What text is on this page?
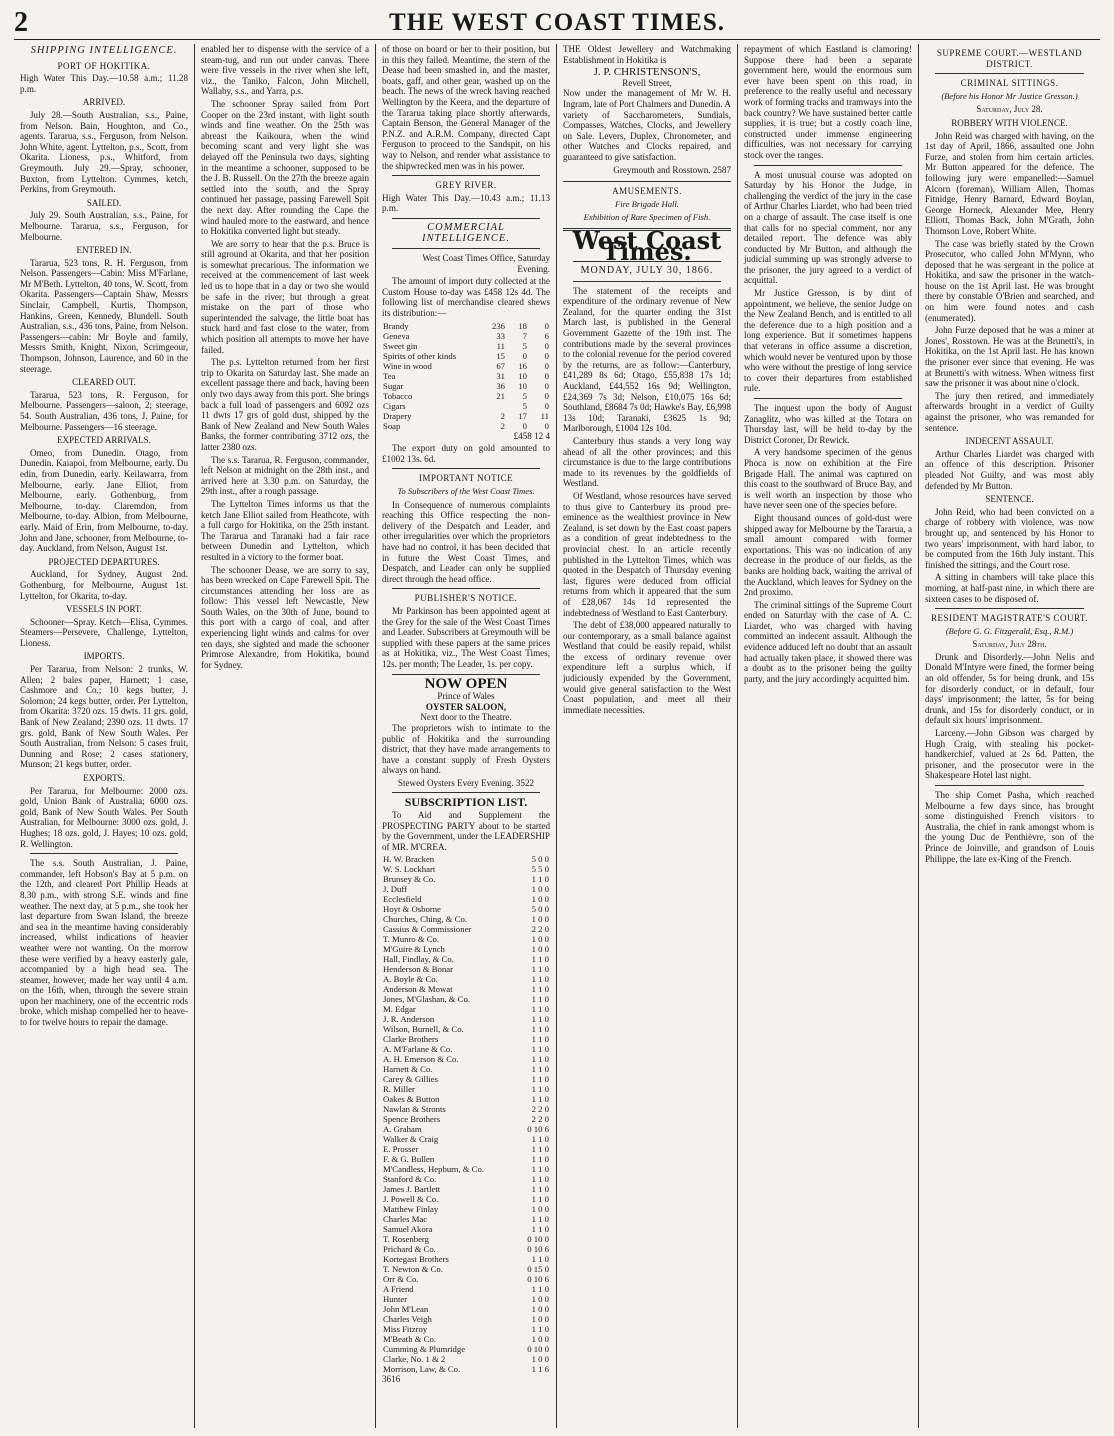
2	THE WEST COAST TIMES.
SHIPPING INTELLIGENCE.
PORT OF HOKITIKA.

High Water This Day.—10.58 a.m.; 11.28 p.m.

ARRIVED.

July 28.—South Australian, s.s., Paine, from Nelson. Bain, Houghton, and Co., agents. Tararua, s.s., Ferguson, from Nelson. John White, agent. Lyttelton, p.s., Scott, from Okarita. Lioness, p.s., Whitford, from Greymouth. July 29.—Spray, schooner, Buxton, from Lyttelton. Cymmes, ketch, Perkins, from Greymouth.

SAILED.

July 29. South Australian, s.s., Paine, for Melbourne. Tararua, s.s., Ferguson, for Melbourne.

ENTERED IN.

Tararua, 523 tons, R. H. Ferguson, from Nelson. Passengers—Cabin: Miss M'Farlane, Mr M'Beth. Lyttelton, 40 tons, W. Scott, from Okarita. Passengers—Captain Shaw, Messrs Sinclair, Campbell, Kurtis, Thompson, Hankins, Green, Kennedy, Blundell. South Australian, s.s., 436 tons, Paine, from Nelson. Passengers—cabin: Mr Boyle and family, Messrs Smith, Knight, Nixon, Scrimgeour, Thompson, Johnson, Laurence, and 60 in the steerage.

CLEARED OUT.

Tararua, 523 tons, R. Ferguson, for Melbourne. Passengers—saloon, 2; steerage, 54. South Australian, 436 tons, J. Paine, for Melbourne. Passengers—16 steerage.

EXPECTED ARRIVALS.

Omeo, from Dunedin. Otago, from Dunedin. Kaiapoi, from Melbourne, early. Du edin, from Dunedin, early. Keilawarra, from Melbourne, early. Jane Elliot, from Melbourne, early. Gothenburg, from Melbourne, to-day. Claremdon, from Melbourne, to-day. Albion, from Melbourne, early. Maid of Erin, from Melbourne, to-day. John and Jane, schooner, from Melbourne, to-day. Auckland, from Nelson, August 1st.

PROJECTED DEPARTURES.

Auckland, for Sydney, August 2nd. Gothenburg, for Melbourne, August 1st. Lyttelton, for Okarita, to-day.

VESSELS IN PORT.

Schooner—Spray. Ketch—Elisa, Cymmes. Steamers—Persevere, Challenge, Lyttelton, Lioness.

IMPORTS.

Per Tararua, from Nelson: 2 trunks, W. Allen; 2 bales paper, Harnett; 1 case, Cashmore and Co.; 10 kegs butter, J. Solomon; 24 kegs butter, order. Per Lyttelton, from Okarita: 3720 ozs. 15 dwts. 11 grs. gold, Bank of New Zealand; 2390 ozs. 11 dwts. 17 grs. gold, Bank of New South Wales. Per South Australian, from Nelson: 5 cases fruit, Dunning and Rose; 2 cases stationery, Munson; 21 kegs butter, order.

EXPORTS.

Per Tararua, for Melbourne: 2000 ozs. gold, Union Bank of Australia; 6000 ozs. gold, Bank of New South Wales. Per South Australian, for Melbourne: 3000 ozs. gold, J. Hughes; 18 ozs. gold, J. Hayes; 10 ozs. gold, R. Wellington.

The s.s. South Australian, J. Paine, commander, left Hobson's Bay at 5 p.m. on the 12th, and cleared Port Phillip Heads at 8.30 p.m., with strong S.E. winds and fine weather. The next day, at 5 p.m., she took her last departure from Swan Island, the breeze and sea in the meantime having considerably increased, whilst indications of heavier weather were not wanting. On the morrow these were verified by a heavy easterly gale, accompanied by a high head sea. The steamer, however, made her way until 4 a.m. on the 16th, when, through the severe strain upon her machinery, one of the eccentric rods broke, which mishap compelled her to heave-to for twelve hours to repair the damage.

enabled her to dispense with the service of a steam-tug, and run out under canvas. There were five vessels in the river when she left, viz., the Taniko, Falcon, John Mitchell, Wallaby, s.s., and Yarra, p.s.

The schooner Spray sailed from Port Cooper on the 23rd instant, with light south winds and fine weather. On the 25th was abreast the Kaikoura, when the wind becoming scant and very light she was delayed off the Peninsula two days, sighting in the meantime a schooner, supposed to be the J. B. Russell. On the 27th the breeze again settled into the south, and the Spray continued her passage, passing Farewell Spit the next day. After rounding the Cape the wind hauled more to the eastward, and hence to Hokitika converted light but steady.

We are sorry to hear that the p.s. Bruce is still aground at Okarita, and that her position is somewhat precarious. The information we received at the commencement of last week led us to hope that in a day or two she would be safe in the river; but through a great mistake on the part of those who superintended the salvage, the little boat has stuck hard and fast close to the water, from which position all attempts to move her have failed.

The p.s. Lyttelton returned from her first trip to Okarita on Saturday last. She made an excellent passage there and back, having been only two days away from this port. She brings back a full load of passengers and 6092 ozs 11 dwts 17 grs of gold dust, shipped by the Bank of New Zealand and New South Wales Banks, the former contributing 3712 ozs, the latter 2380 ozs.

The s.s. Tararua, R. Ferguson, commander, left Nelson at midnight on the 28th inst., and arrived here at 3.30 p.m. on Saturday, the 29th inst., after a rough passage.

The Lyttelton Times informs us that the ketch Jane Elliot sailed from Heathcote, with a full cargo for Hokitika, on the 25th instant. The Tararua and Taranaki had a fair race between Dunedin and Lyttelton, which resulted in a victory to the former boat.

The schooner Dease, we are sorry to say, has been wrecked on Cape Farewell Spit. The circumstances attending her loss are as follow: This vessel left Newcastle, New South Wales, on the 30th of June, bound to this port with a cargo of coal, and after experiencing light winds and calms for over ten days, she sighted and made the schooner Primrose Alexandre, from Hokitika, bound for Sydney.

of those on board or her to their position, but in this they failed. Meantime, the stern of the Dease had been smashed in, and the master, boats, gaff, and other gear, washed up on the beach. The news of the wreck having reached Wellington by the Keera, and the departure of the Tararua taking place shortly afterwards, Captain Benson, the General Manager of the P.N.Z. and A.R.M. Company, directed Capt Ferguson to proceed to the Sandspit, on his way to Nelson, and render what assistance to the shipwrecked men was in his power.

GREY RIVER.

High Water This Day.—10.43 a.m.; 11.13 p.m.

COMMERCIAL INTELLIGENCE.

West Coast Times Office, Saturday Evening.

The amount of import duty collected at the Custom House to-day was £458 12s 4d. The following list of merchandise cleared shews its distribution:—

Brandy	236	18	0
Geneva	33	7	6
Sweet gin	11	5	0
Spirits of other kinds	15	0	0
Wine in wood	67	16	0
Tea	31	10	0
Sugar	36	10	0
Tobacco	21	5	0
Cigars		5	0
Drapery	2	17	11
Soap	2	0	0

£458 12 4

The export duty on gold amounted to £1002 13s. 6d.

IMPORTANT NOTICE
To Subscribers of the West Coast Times.

In Consequence of numerous complaints reaching this Office respecting the non-delivery of the Despatch and Leader, and other irregularities over which the proprietors have had no control, it has been decided that in future the West Coast Times, and Despatch, and Leader can only be supplied direct through the head office.

PUBLISHER'S NOTICE.

Mr Parkinson has been appointed agent at the Grey for the sale of the West Coast Times and Leader. Subscribers at Greymouth will be supplied with these papers at the same prices as at Hokitika, viz., The West Coast Times, 12s. per month; The Leader, 1s. per copy.

NOW OPEN
Prince of Wales
OYSTER SALOON,
Next door to the Theatre.

The proprietors wish to intimate to the public of Hokitika and the surrounding district, that they have made arrangements to have a constant supply of Fresh Oysters always on hand.

Stewed Oysters Every Evening. 3522

SUBSCRIPTION LIST.

To Aid and Supplement the PROSPECTING PARTY about to be started by the Government, under the LEADERSHIP of MR. M'CREA.

H. W. Bracken	5 0 0
W. S. Lockhart	5 5 0
Brunsey & Co.	1 1 0
J. Duff	1 0 0
Ecclesfield	1 0 0
Hoyt & Osborne	5 0 0
Churches, Ching, & Co.	1 0 0
Cassius & Commissioner	2 2 0
T. Munro & Co.	1 0 0
M'Guire & Lynch	1 0 0
Hall, Findlay, & Co.	1 1 0
Henderson & Bonar	1 1 0
A. Boyle & Co.	1 1 0
Anderson & Mowat	1 1 0
Jones, M'Glashan, & Co.	1 1 0
M. Edgar	1 1 0
J. R. Anderson	1 1 0
Wilson, Burnell, & Co.	1 1 0
Clarke Brothers	1 1 0
A. M'Farlane & Co.	1 1 0
A. H. Emerson & Co.	1 1 0
Harnett & Co.	1 1 0
Carey & Gillies	1 1 0
R. Miller	1 1 0
Oakes & Button	1 1 0
Nawlan & Stronts	2 2 0
Spence Brothers	2 2 0
A. Graham	0 10 6
Walker & Craig	1 1 0
E. Prosser	1 1 0
F. & G. Bullen	1 1 0
M'Candless, Hepburn, & Co.	1 1 0
Stanford & Co.	1 1 0
James J. Bartlett	1 1 0
J. Powell & Co.	1 1 0
Matthew Finlay	1 0 0
Charles Mac	1 1 0
Samuel Akora	1 1 0
T. Rosenberg	0 10 0
Prichard & Co.	0 10 6
Kortegast Brothers	1 1 0
T. Newton & Co.	0 15 0
Orr & Co.	0 10 6
A Friend	1 1 0
Hunter	1 0 0
John M'Lean	1 0 0
Charles Veigh	1 0 0
Miss Fitzroy	1 1 0
M'Beath & Co.	1 0 0
Cumming & Plumridge	0 10 0
Clarke, No. 1 & 2	1 0 0
Morrison, Law, & Co.	1 1 6

3616

THE Oldest Jewellery and Watchmaking Establishment in Hokitika is

J. P. CHRISTENSON'S,
Revell Street,

Now under the management of Mr W. H. Ingram, late of Port Chalmers and Dunedin. A variety of Saccharometers, Sundials, Compasses, Watches, Clocks, and Jewellery on Sale. Levers, Duplex, Chronometer, and other Watches and Clocks repaired, and guaranteed to give satisfaction.

Greymouth and Rosstown. 2587

AMUSEMENTS.
Fire Brigade Hall.
Exhibition of Rare Specimen of Fish.
West Coast Times.
MONDAY, JULY 30, 1866.

The statement of the receipts and expenditure of the ordinary revenue of New Zealand, for the quarter ending the 31st March last, is published in the General Government Gazette of the 19th inst. The contributions made by the several provinces to the colonial revenue for the period covered by the returns, are as follow:—Canterbury, £41,289 8s 6d; Otago, £55,838 17s 1d; Auckland, £44,552 16s 9d; Wellington, £24,369 7s 3d; Nelson, £10,075 16s 6d; Southland, £8684 7s 0d; Hawke's Bay, £6,998 13s 10d; Taranaki, £3625 1s 9d; Marlborough, £1004 12s 10d.

Canterbury thus stands a very long way ahead of all the other provinces; and this circumstance is due to the large contributions made to its revenues by the goldfields of Westland.

Of Westland, whose resources have served to thus give to Canterbury its proud pre-eminence as the wealthiest province in New Zealand, is set down by the East coast papers as a condition of great indebtedness to the provincial chest. In an article recently published in the Lyttelton Times, which was quoted in the Despatch of Thursday evening last, figures were deduced from official returns from which it appeared that the sum of £28,067 14s 1d represented the indebtedness of Westland to East Canterbury.

The debt of £38,000 appeared naturally to our contemporary, as a small balance against Westland that could be easily repaid, whilst the excess of ordinary revenue over expenditure left a surplus which, if judiciously expended by the Government, would give general satisfaction to the West Coast population, and meet all their immediate necessities.

repayment of which Eastland is clamoring! Suppose there had been a separate government here, would the enormous sum ever have been spent on this road, in preference to the really useful and necessary work of forming tracks and tramways into the back country? We have sustained better cattle supplies, it is true; but a costly coach line, constructed under immense engineering difficulties, was not necessary for carrying stock over the ranges.

A most unusual course was adopted on Saturday by his Honor the Judge, in challenging the verdict of the jury in the case of Arthur Charles Liardet, who had been tried on a charge of assault. The case itself is one that calls for no special comment, nor any detailed report. The defence was ably conducted by Mr Button, and although the judicial summing up was strongly adverse to the prisoner, the jury agreed to a verdict of acquittal.

Mr Justice Gresson, is by dint of appointment, we believe, the senior Judge on the New Zealand Bench, and is entitled to all the deference due to a high position and a long experience. But it sometimes happens that veterans in office assume a discretion, which would never be ventured upon by those who were without the prestige of long service to cover their departures from established rule.

The inquest upon the body of August Zanaglitz, who was killed at the Totara on Thursday last, will be held to-day by the District Coroner, Dr Rewick.

A very handsome specimen of the genus Phoca is now on exhibition at the Fire Brigade Hall. The animal was captured on this coast to the southward of Bruce Bay, and is well worth an inspection by those who have never seen one of the species before.

Eight thousand ounces of gold-dust were shipped away for Melbourne by the Tararua, a small amount compared with former exportations. This was no indication of any decrease in the produce of our fields, as the banks are holding back, waiting the arrival of the Auckland, which leaves for Sydney on the 2nd proximo.

The criminal sittings of the Supreme Court ended on Saturday with the case of A. C. Liardet, who was charged with having committed an indecent assault. Although the evidence adduced left no doubt that an assault had actually taken place, it showed there was a doubt as to the prisoner being the guilty party, and the jury accordingly acquitted him.

SUPREME COURT.—WESTLAND DISTRICT.
CRIMINAL SITTINGS.
(Before his Honor Mr Justice Gresson.)
Saturday, July 28.
ROBBERY WITH VIOLENCE.

John Reid was charged with having, on the 1st day of April, 1866, assaulted one John Furze, and stolen from him certain articles. Mr Button appeared for the defence. The following jury were empanelled:—Samuel Alcorn (foreman), William Allen, Thomas Fitnidge, Henry Barnard, Edward Boylan, George Horneck, Alexander Mee, Henry Elliott, Thomas Back, John M'Grath, John Thomson Love, Robert White.

The case was briefly stated by the Crown Prosecutor, who called John M'Mynn, who deposed that he was sergeant in the police at Hokitika, and saw the prisoner in the watch-house on the 1st April last. He was brought there by constable O'Brien and searched, and on him were found notes and cash (enumerated).

John Furze deposed that he was a miner at Jones', Rosstown. He was at the Brunetti's, in Hokitika, on the 1st April last. He has known the prisoner ever since that evening. He was at Brunetti's with witness. When witness first saw the prisoner it was about nine o'clock.

The jury then retired, and immediately afterwards brought in a verdict of Guilty against the prisoner, who was remanded for sentence.

INDECENT ASSAULT.

Arthur Charles Liardet was charged with an offence of this description. Prisoner pleaded Not Guilty, and was most ably defended by Mr Button.

SENTENCE.

John Reid, who had been convicted on a charge of robbery with violence, was now brought up, and sentenced by his Honor to two years' imprisonment, with hard labor, to be computed from the 16th July instant. This finished the sittings, and the Court rose.

A sitting in chambers will take place this morning, at half-past nine, in which there are sixteen cases to be disposed of.

RESIDENT MAGISTRATE'S COURT.
(Before G. G. Fitzgerald, Esq., R.M.)
Saturday, July 28th.

Drunk and Disorderly.—John Nelis and Donald M'Intyre were fined, the former being an old offender, 5s for being drunk, and 15s for disorderly conduct, or in default, four days' imprisonment; the latter, 5s for being drunk, and 15s for disorderly conduct, or in default six hours' imprisonment.

Larceny.—John Gibson was charged by Hugh Craig, with stealing his pocket-handkerchief, valued at 2s 6d. Patten, the prisoner, and the prosecutor were in the Shakespeare Hotel last night.

The ship Comet Pasha, which reached Melbourne a few days since, has brought some distinguished French visitors to Australia, the chief in rank amongst whom is the young Duc de Penthièvre, son of the Prince de Joinville, and grandson of Louis Philippe, the late ex-King of the French.
